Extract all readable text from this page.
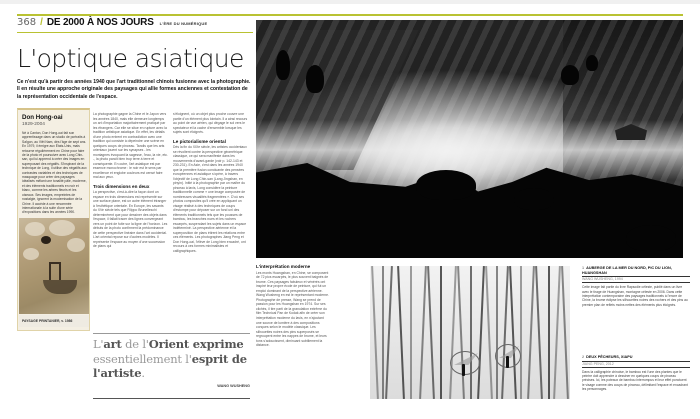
368 / DE 2000 À NOS JOURS L'ÈRE DU NUMÉRIQUE
L'optique asiatique

Ce n'est qu'à partir des années 1940 que l'art traditionnel chinois fusionne avec la photographie. Il en résulte une approche originale des paysages qui allie formes anciennes et contestation de la représentation occidentale de l'espace.

Don Hong-oai
1929-2004
Né à Canton, Don Hong-oai fait son apprentissage dans un studio de portraits à Saïgon, au Viêt Nam, dès l'âge de sept ans. En 1979, il émigre aux États-Unis, mais retourne régulièrement en Chine pour faire de la photo et poursuivre avec Long Chin-san, qui lui apprend à créer des images en superposant des négatifs. S'inspirant de la technique de Long, il utilise des négatifs aux contrastes variables et des techniques de masquage pour créer des paysages idéalisés mêlant une tonalité pâle, moderne, et des éléments traditionnels en noir et blanc, comme les arbres fleuris et les oiseaux. Ses images, empreintes de nostalgie, ignorent la modernisation de la Chine. Il accède à une renommée internationale à la suite d'une série d'expositions dans les années 1990.
PAYSAGE PRINTANIER, v. 1986

La photographie gagne la Chine et le Japon vers les années 1840, mais elle demeure longtemps un art d'importation majoritairement pratiqué par les étrangers. Car elle se situe en rupture avec la tradition artistique asiatique. En effet, les détails d'une photo entrent en contradiction avec une tradition qui consiste à dépeindre une scène en quelques coups de pinceau. Tandis que les arts orientaux jouent sur les synapses - les montagnes évoquant la sagesse, l'eau, la vie, etc. -, la photo paraît bien trop terre à terre et conséquente. En outre, l'art asiatique est par essence monochrome : le noir est le sens par excellence et englobe couleurs est censé faire mal aux yeux.

Trois dimensions en deux

La perspective, c'est-à-dire la façon dont un espace en trois dimensions est représenté sur une surface plane, est un autre élément étranger à l'esthétique orientale. En Europe, les savants du XVe siècle tels que Filippo Brunelleschi déterminèrent que pour dessiner des objets dans l'espace, il fallait tracer des lignes convergeant vers un point de fuite sur la ligne de l'horizon. Les débuts de la photo confirment la prédominance de cette perspective linéaire dans l'art occidental.

L'art oriental repose sur d'autres modèles. Il représente l'espace au moyen d'une succession de plans qui

s'éloignent, où un objet plus proche couvre une partie d'un élément plus lointain. Il a ainsi recours au point de vue aérien, qui dégage le sol vers le spectateur et la cache d'ensemble lorsque les sujets sont éloignés.

Le pictorialisme oriental

Dès la fin du XIXe siècle, les artistes occidentaux se révoltent contre la perspective géométrique classique, ce qui sera manifeste dans les mouvements d'avant-garde (voir p. 142-143 et 230-231). En Asie, c'est dans les années 1940 que la première fusion concluante des pensées européennes et asiatique s'opère, à travers l'objectif de Long Chin-san (Lang Jingshan, en pinyin). Initié à la photographie par un maître du pinceau à lavis, Long considère la peinture traditionnelle comme « une image composée de nombreuses visualités fragmentées ». D'où ses photos composites qu'il crée en appliquant un visage réalisé à des techniques de coups d'estompe pour déposer sur un fond uni des éléments traditionnels tels que les pousses de bambou, les branches nues et les rochers escarpés, suspendant les sujets dans un espace indéterminé. La perspective aérienne et la superposition de plans étirent les relations entre ces éléments. Les photographes Jiang Peng et Don Hong-oai, l'élève de Long bien encadré, ont recours à ces formes minimalistes et calligraphiques.

L'art de l'Orient exprime essentiellement l'esprit de l'artiste.
WANG WUSHENG
L'interprétation moderne
Les monts Huangshan, en Chine, se composent de 72 pics escarpés, le plus souvent baignés de brume. Ces paysages fabuleux et vénérés ont inspiré leur propre école de peinture, qui fut un emploi dominant de la perspective aérienne. Wang Wusheng en est le représentant moderne. Photographe de presse, Wang se prend de passion pour les Huangshan en 1974. Sur ses clichés, il tire parti de la granulation extrême du film Technical Pan de Kodak afin de créer son interprétation moderne du lavis, en n'ajoutant une source de lumière à des compositions conçues selon le modèle classique. Les silhouettes noires des pins superposés se regroupent entre les nappes de brume, et leurs tons s'adoucissent, diminuant subtilement la distance.
1 AUBERGE DE LA MER DU NORD, PIC DU LION, HUANGSHAN
WANG WUSHENG, 1994
Cette image fait partie du livre Rapsodie céleste, publié dans un livre avec le tirage de Huangshan, montagne céleste en 2006. Dans cette interprétation contemporaine des paysages traditionnels à l'encre de Chine, la brume éclipse les silhouettes noires des rochers et des pins au premier plan de reflets moins nettes des éléments plus éloignés.
2 DEUX PÊCHEURS, XIAPU
JIANG PENG, 2012
Dans la calligraphie chinoise, le bambou est l'une des plantes que le peintre doit apprendre à dessiner en quelques coups de pinceau précises. Ici, les poteaux de bambou interrompus et leur effet ponctuent le visage comme des coups de pinceau, délimitant l'espace et encadrant les personnages.
